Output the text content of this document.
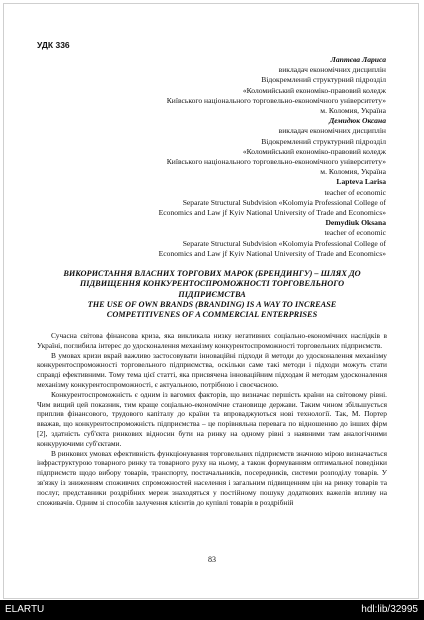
УДК 336
Лаптєва Лариса
викладач економічних дисциплін
Відокремлений структурний підрозділ
«Коломийський економіко-правовий коледж
Київського національного торговельно-економічного університету»
м. Коломия, Україна
Демидюк Оксана
викладач економічних дисциплін
Відокремлений структурний підрозділ
«Коломийський економіко-правовий коледж
Київського національного торговельно-економічного університету»
м. Коломия, Україна
Lapteva Larisa
teacher of economic
Separate Structural Subdvision «Kolomyia Professional College of
Economics and Law jf Kyiv National University of Trade and Economics»
Demydiuk Oksana
teacher of economic
Separate Structural Subdvision «Kolomyia Professional College of
Economics and Law jf Kyiv National University of Trade and Economics»
ВИКОРИСТАННЯ ВЛАСНИХ ТОРГОВИХ МАРОК (БРЕНДИНГУ) – ШЛЯХ ДО ПІДВИЩЕННЯ КОНКУРЕНТОСПРОМОЖНОСТІ ТОРГОВЕЛЬНОГО ПІДПРИЄМСТВА
THE USE OF OWN BRANDS (BRANDING) IS A WAY TO INCREASE COMPETITIVENES OF A COMMERCIAL ENTERPRISES

Сучасна світова фінансова криза, яка викликала низку негативних соціально-економічних наслідків в Україні, поглибила інтерес до удосконалення механізму конкурентоспроможності торговельних підприємств.

В умовах кризи вкрай важливо застосовувати інноваційні підходи й методи до удосконалення механізму конкурентоспроможності торговельного підприємства, оскільки саме такі методи і підходи можуть стати справді ефективними. Тому тема цієї статті, яка присвячена інноваційним підходам й методам удосконалення механізму конкурентоспроможності, є актуальною, потрібною і своєчасною.

Конкурентоспроможність є одним із вагомих факторів, що визначає першість країни на світовому рівні. Чим вищий цей показник, тим краще соціально-економічне становище держави. Таким чином збільшується приплив фінансового, трудового капіталу до країни та впроваджуються нові технології. Так, М. Портер вважав, що конкурентоспроможність підприємства – це порівняльна перевага по відношенню до інших фірм [2], здатність суб'єкта ринкових відносин бути на ринку на одному рівні з наявними там аналогічними конкуруючими суб'єктами.

В ринкових умовах ефективність функціонування торговельних підприємств значною мірою визначається інфраструктурою товарного ринку та товарного руху на ньому, а також формуванням оптимальної поведінки підприємств щодо вибору товарів, транспорту, постачальників, посередників, системи розподілу товарів. У зв'язку із зниженням споживчих спроможностей населення і загальним підвищенням цін на ринку товарів та послуг, представники роздрібних мереж знаходяться у постійному пошуку додаткових важелів впливу на споживачів. Одним зі способів залучення клієнтів до купівлі товарів в роздрібній

83
ELARTU	hdl:lib/32995
